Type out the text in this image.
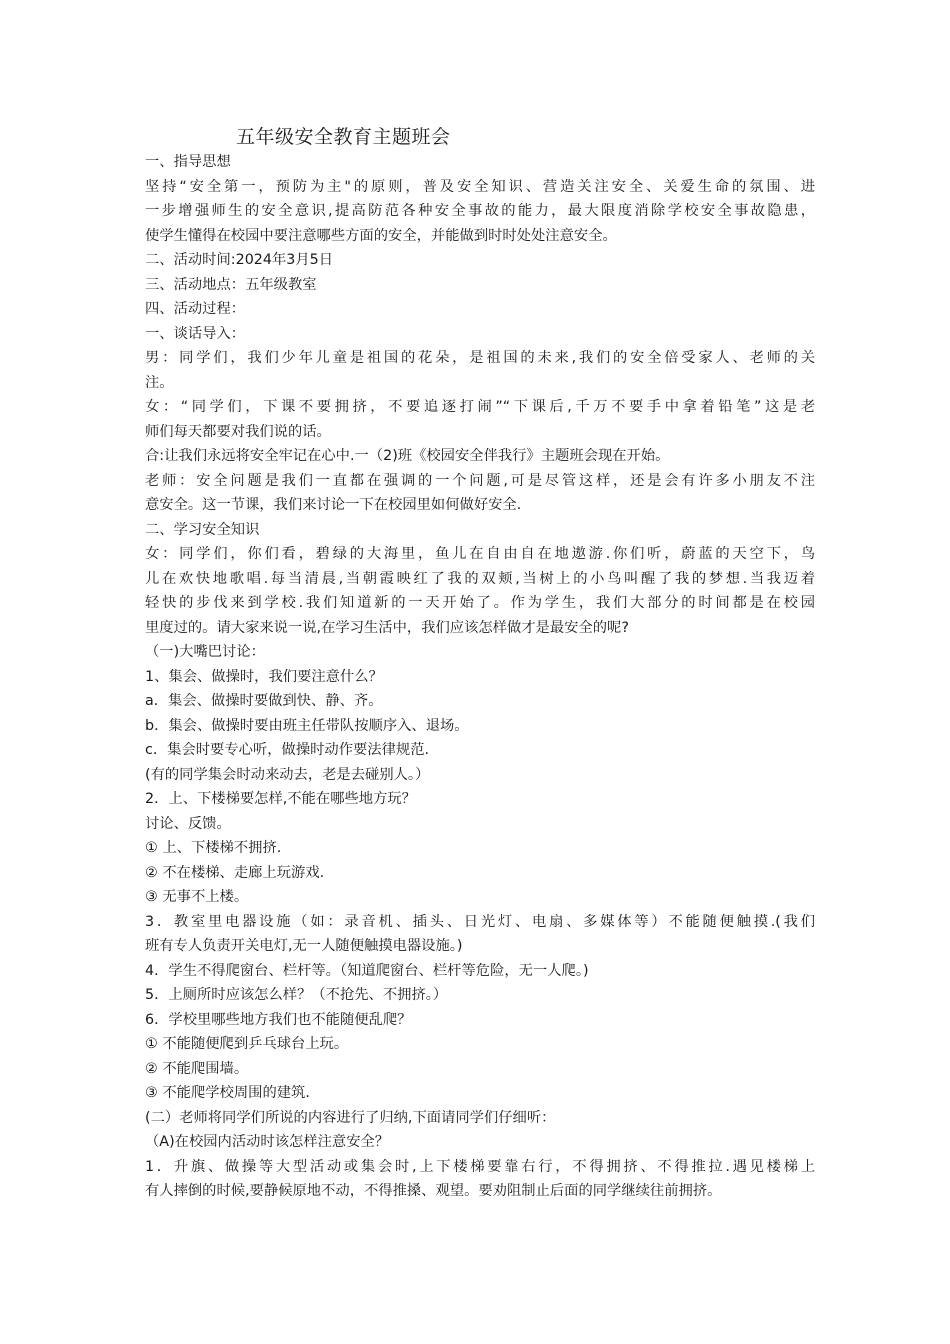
五年级安全教育主题班会
一、指导思想
坚持“安全第一，预防为主"的原则，普及安全知识、营造关注安全、关爱生命的氛围、进
一步增强师生的安全意识,提高防范各种安全事故的能力，最大限度消除学校安全事故隐患，
使学生懂得在校园中要注意哪些方面的安全，并能做到时时处处注意安全。
二、活动时间:2024年3月5日
三、活动地点：五年级教室
四、活动过程：
一、谈话导入：
男：同学们，我们少年儿童是祖国的花朵，是祖国的未来,我们的安全倍受家人、老师的关
注。
女：“同学们，下课不要拥挤，不要追逐打闹”“下课后,千万不要手中拿着铅笔”这是老
师们每天都要对我们说的话。
合:让我们永远将安全牢记在心中.一（2)班《校园安全伴我行》主题班会现在开始。
老师：安全问题是我们一直都在强调的一个问题,可是尽管这样，还是会有许多小朋友不注
意安全。这一节课，我们来讨论一下在校园里如何做好安全.
二、学习安全知识
女：同学们，你们看，碧绿的大海里，鱼儿在自由自在地遨游.你们听，蔚蓝的天空下，鸟
儿在欢快地歌唱.每当清晨,当朝霞映红了我的双颊,当树上的小鸟叫醒了我的梦想.当我迈着
轻快的步伐来到学校.我们知道新的一天开始了。作为学生，我们大部分的时间都是在校园
里度过的。请大家来说一说,在学习生活中，我们应该怎样做才是最安全的呢?
（一)大嘴巴讨论：
1、集会、做操时，我们要注意什么？
a．集会、做操时要做到快、静、齐。
b．集会、做操时要由班主任带队按顺序入、退场。
c．集会时要专心听，做操时动作要法律规范.
(有的同学集会时动来动去，老是去碰别人。）
2．上、下楼梯要怎样,不能在哪些地方玩？
讨论、反馈。
① 上、下楼梯不拥挤.
② 不在楼梯、走廊上玩游戏.
③ 无事不上楼。
3．教室里电器设施（如：录音机、插头、日光灯、电扇、多媒体等）不能随便触摸.(我们
班有专人负责开关电灯,无一人随便触摸电器设施。)
4．学生不得爬窗台、栏杆等。（知道爬窗台、栏杆等危险，无一人爬。)
5．上厕所时应该怎么样？（不抢先、不拥挤。）
6．学校里哪些地方我们也不能随便乱爬？
① 不能随便爬到乒乓球台上玩。
② 不能爬围墙。
③ 不能爬学校周围的建筑.
(二）老师将同学们所说的内容进行了归纳,下面请同学们仔细听：
（A)在校园内活动时该怎样注意安全？
1．升旗、做操等大型活动或集会时,上下楼梯要靠右行，不得拥挤、不得推拉.遇见楼梯上
有人摔倒的时候,要静候原地不动，不得推搡、观望。要劝阻制止后面的同学继续往前拥挤。
